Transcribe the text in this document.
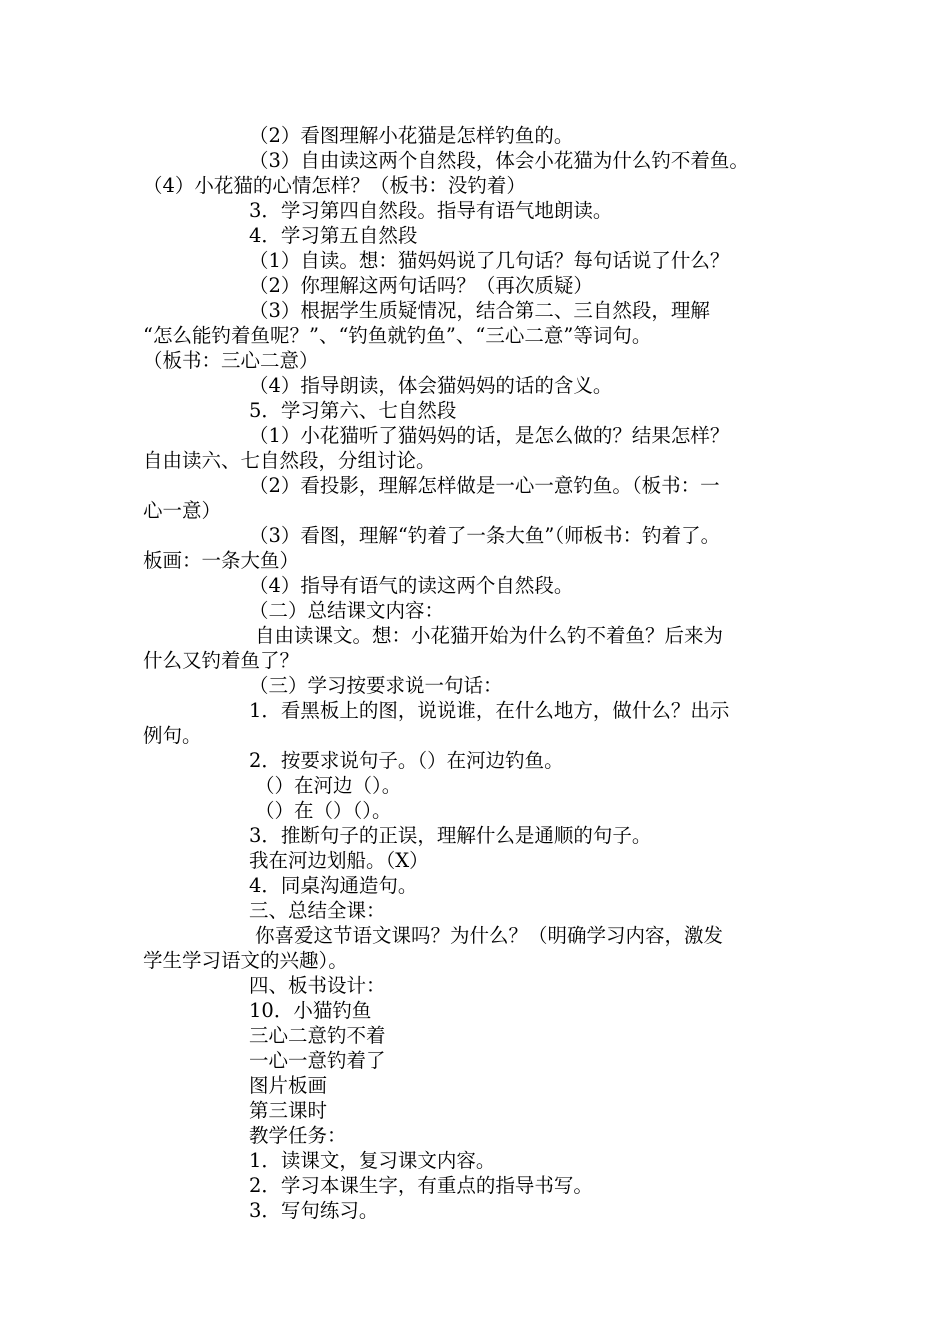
（2）看图理解小花猫是怎样钓鱼的。
（3）自由读这两个自然段，体会小花猫为什么钓不着鱼。
（4）小花猫的心情怎样？（板书：没钓着）
3．学习第四自然段。指导有语气地朗读。
4．学习第五自然段
（1）自读。想：猫妈妈说了几句话？每句话说了什么？
（2）你理解这两句话吗？（再次质疑）
（3）根据学生质疑情况，结合第二、三自然段，理解
“怎么能钓着鱼呢？”、“钓鱼就钓鱼”、“三心二意”等词句。
（板书：三心二意）
（4）指导朗读，体会猫妈妈的话的含义。
5．学习第六、七自然段
（1）小花猫听了猫妈妈的话，是怎么做的？结果怎样？
自由读六、七自然段，分组讨论。
（2）看投影，理解怎样做是一心一意钓鱼。（板书：一
心一意）
（3）看图，理解“钓着了一条大鱼”（师板书：钓着了。
板画：一条大鱼）
（4）指导有语气的读这两个自然段。
（二）总结课文内容：
自由读课文。想：小花猫开始为什么钓不着鱼？后来为
什么又钓着鱼了？
（三）学习按要求说一句话：
1．看黑板上的图，说说谁，在什么地方，做什么？出示
例句。
2．按要求说句子。（）在河边钓鱼。
（）在河边（）。
（）在（）（）。
3．推断句子的正误，理解什么是通顺的句子。
我在河边划船。（X）
4．同桌沟通造句。
三、总结全课：
你喜爱这节语文课吗？为什么？（明确学习内容，激发
学生学习语文的兴趣）。
四、板书设计：
10．小猫钓鱼
三心二意钓不着
一心一意钓着了
图片板画
第三课时
教学任务：
1．读课文，复习课文内容。
2．学习本课生字，有重点的指导书写。
3．写句练习。
